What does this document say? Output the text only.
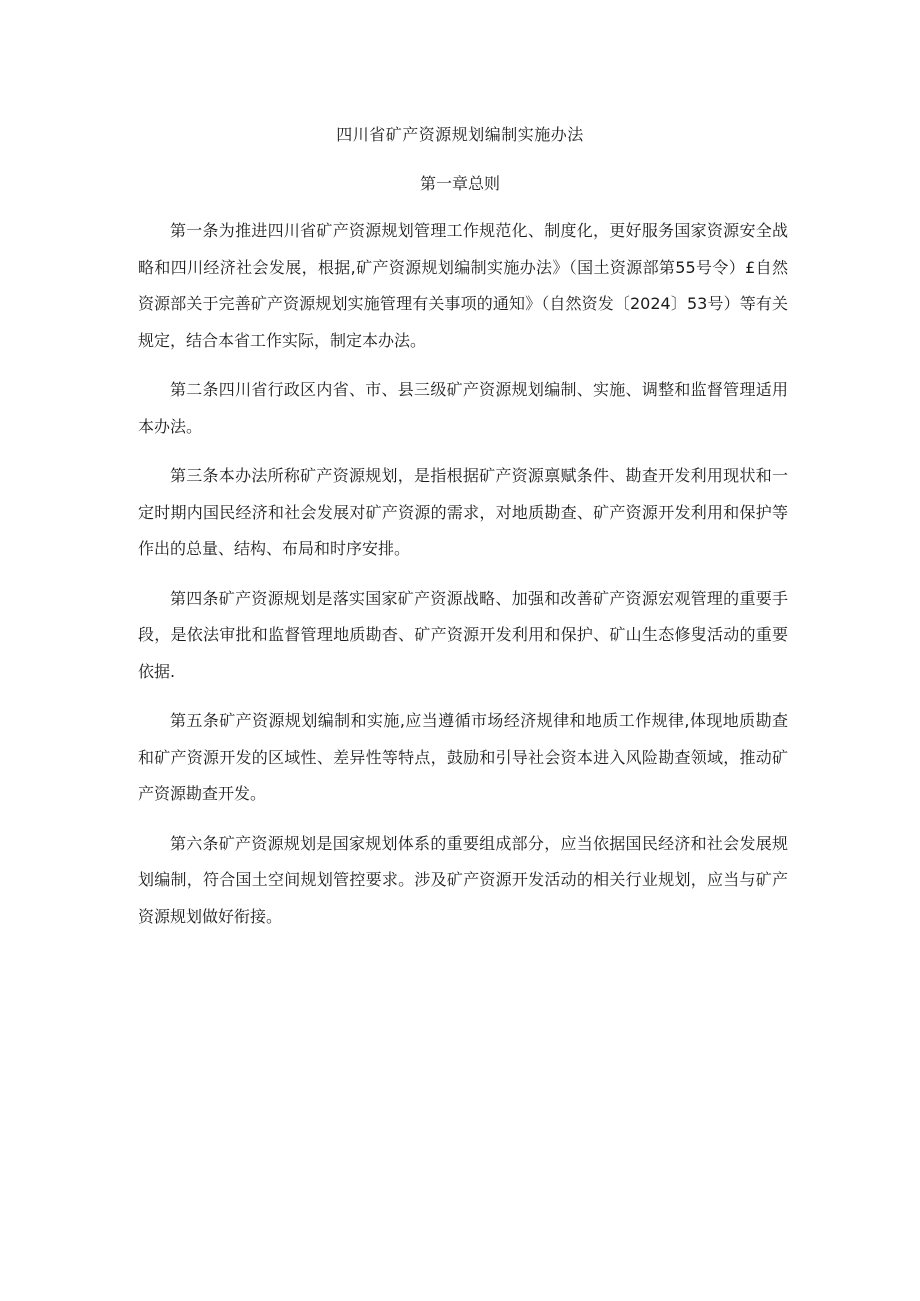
四川省矿产资源规划编制实施办法
第一章总则

第一条为推进四川省矿产资源规划管理工作规范化、制度化，更好服务国家资源安全战略和四川经济社会发展，根据,矿产资源规划编制实施办法》（国土资源部第55号令）£自然资源部关于完善矿产资源规划实施管理有关事项的通知》（自然资发〔2024〕53号）等有关规定，结合本省工作实际，制定本办法。

第二条四川省行政区内省、市、县三级矿产资源规划编制、实施、调整和监督管理适用本办法。

第三条本办法所称矿产资源规划，是指根据矿产资源禀赋条件、勘查开发利用现状和一定时期内国民经济和社会发展对矿产资源的需求，对地质勘查、矿产资源开发利用和保护等作出的总量、结构、布局和时序安排。

第四条矿产资源规划是落实国家矿产资源战略、加强和改善矿产资源宏观管理的重要手段，是依法审批和监督管理地质勘杳、矿产资源开发利用和保护、矿山生态修叟活动的重要依据.

第五条矿产资源规划编制和实施,应当遵循市场经济规律和地质工作规律,体现地质勘查和矿产资源开发的区域性、差异性等特点，鼓励和引导社会资本进入风险勘查领域，推动矿产资源勘查开发。

第六条矿产资源规划是国家规划体系的重要组成部分，应当依据国民经济和社会发展规划编制，符合国土空间规划管控要求。涉及矿产资源开发活动的相关行业规划，应当与矿产资源规划做好衔接。
